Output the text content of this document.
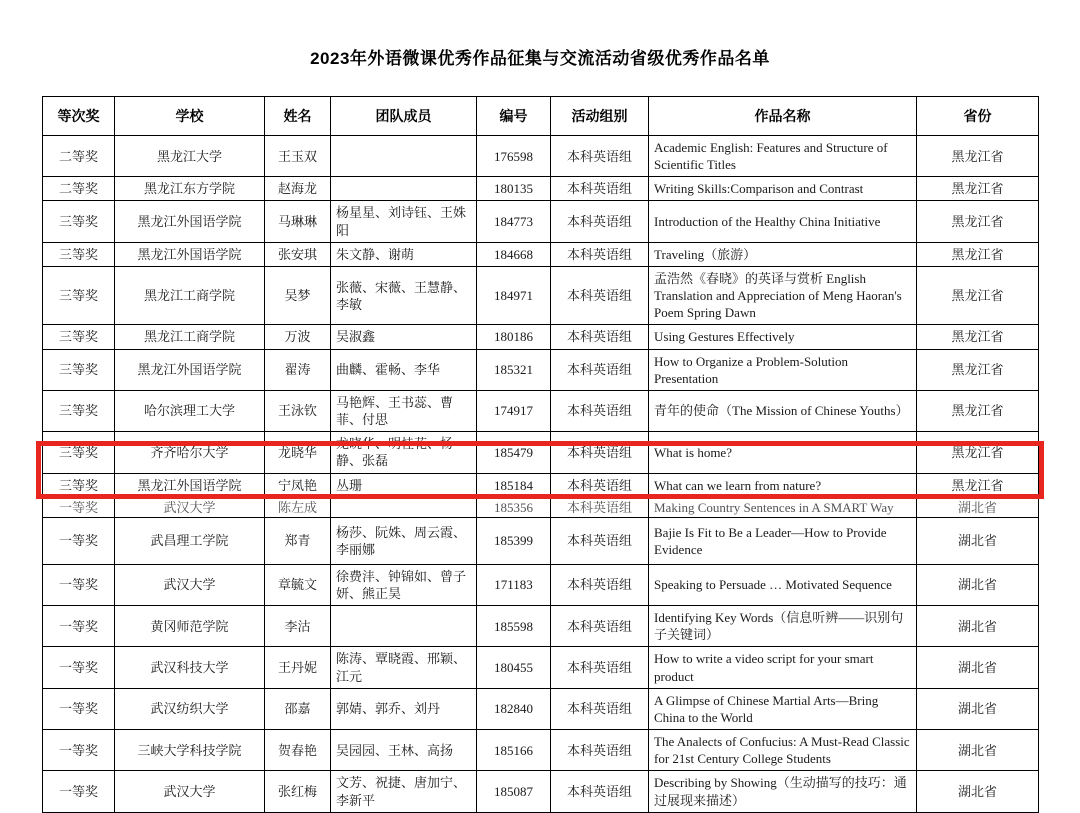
2023年外语微课优秀作品征集与交流活动省级优秀作品名单
等次奖	学校	姓名	团队成员	编号	活动组别	作品名称	省份
二等奖	黑龙江大学	王玉双		176598	本科英语组	Academic English: Features and Structure of Scientific Titles	黑龙江省
二等奖	黑龙江东方学院	赵海龙		180135	本科英语组	Writing Skills:Comparison and Contrast	黑龙江省
三等奖	黑龙江外国语学院	马琳琳	杨星星、刘诗钰、王姝阳	184773	本科英语组	Introduction of the Healthy China Initiative	黑龙江省
三等奖	黑龙江外国语学院	张安琪	朱文静、谢萌	184668	本科英语组	Traveling（旅游）	黑龙江省
三等奖	黑龙江工商学院	吴梦	张薇、宋薇、王慧静、李敏	184971	本科英语组	孟浩然《春晓》的英译与赏析 English Translation and Appreciation of Meng Haoran's Poem Spring Dawn	黑龙江省
三等奖	黑龙江工商学院	万波	吴淑鑫	180186	本科英语组	Using Gestures Effectively	黑龙江省
三等奖	黑龙江外国语学院	翟涛	曲麟、霍畅、李华	185321	本科英语组	How to Organize a Problem-Solution Presentation	黑龙江省
三等奖	哈尔滨理工大学	王泳钦	马艳辉、王书蕊、曹菲、付思	174917	本科英语组	青年的使命（The Mission of Chinese Youths）	黑龙江省
三等奖	齐齐哈尔大学	龙晓华	龙晓华、明桂花、杨静、张磊	185479	本科英语组	What is home?	黑龙江省
三等奖	黑龙江外国语学院	宁凤艳	丛珊	185184	本科英语组	What can we learn from nature?	黑龙江省
一等奖	武汉大学	陈左成		185356	本科英语组	Making Country Sentences in A SMART Way	湖北省
一等奖	武昌理工学院	郑青	杨莎、阮姝、周云霞、李丽娜	185399	本科英语组	Bajie Is Fit to Be a Leader—How to Provide Evidence	湖北省
一等奖	武汉大学	章毓文	徐费沣、钟锦如、曾子妍、熊正昊	171183	本科英语组	Speaking to Persuade … Motivated Sequence	湖北省
一等奖	黄冈师范学院	李沽		185598	本科英语组	Identifying Key Words（信息听辨——识别句子关键词）	湖北省
一等奖	武汉科技大学	王丹妮	陈涛、覃晓霞、邢颖、江元	180455	本科英语组	How to write a video script for your smart product	湖北省
一等奖	武汉纺织大学	邵嘉	郭婧、郭乔、刘丹	182840	本科英语组	A Glimpse of Chinese Martial Arts—Bring China to the World	湖北省
一等奖	三峡大学科技学院	贺春艳	吴园园、王林、高扬	185166	本科英语组	The Analects of Confucius: A Must-Read Classic for 21st Century College Students	湖北省
一等奖	武汉大学	张红梅	文芳、祝捷、唐加宁、李新平	185087	本科英语组	Describing by Showing（生动描写的技巧：通过展现来描述）	湖北省
